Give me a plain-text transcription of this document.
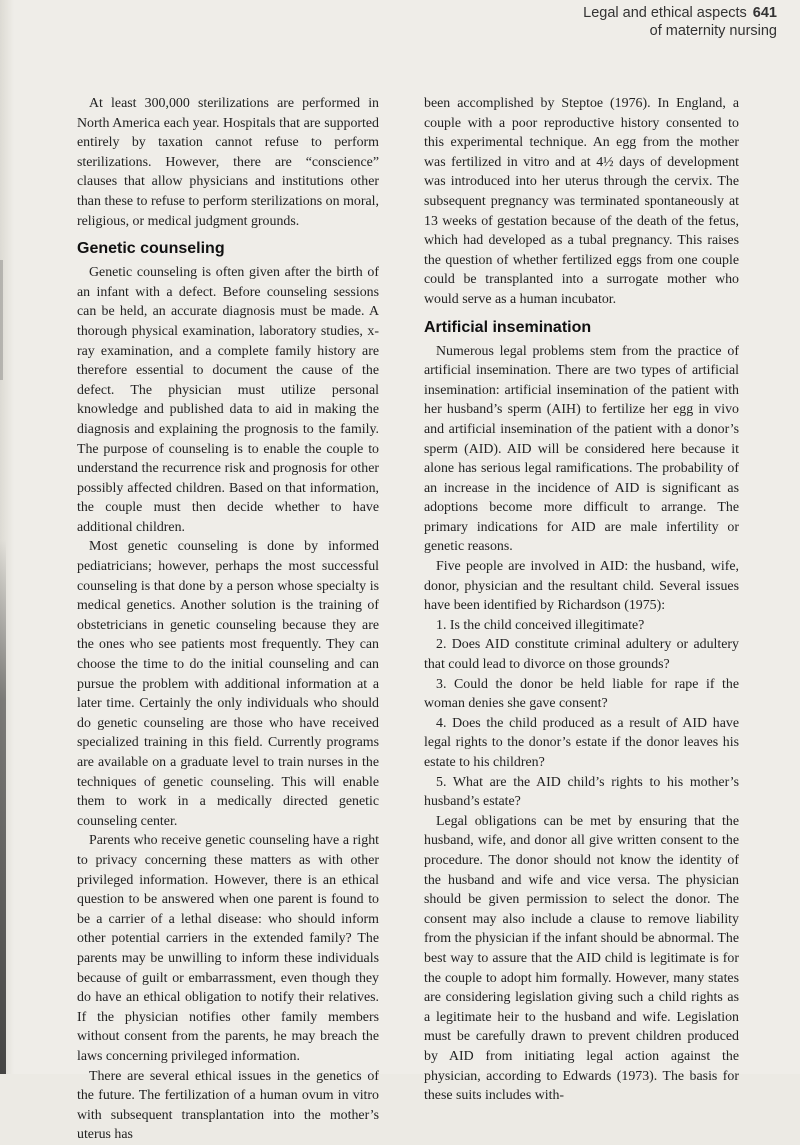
Legal and ethical aspects 641
of maternity nursing

At least 300,000 sterilizations are performed in North America each year. Hospitals that are supported entirely by taxation cannot refuse to perform sterilizations. However, there are “conscience” clauses that allow physicians and institutions other than these to refuse to perform sterilizations on moral, religious, or medical judgment grounds.

Genetic counseling

Genetic counseling is often given after the birth of an infant with a defect. Before counseling sessions can be held, an accurate diagnosis must be made. A thorough physical examination, laboratory studies, x-ray examination, and a complete family history are therefore essential to document the cause of the defect. The physician must utilize personal knowledge and published data to aid in making the diagnosis and explaining the prognosis to the family. The purpose of counseling is to enable the couple to understand the recurrence risk and prognosis for other possibly affected children. Based on that information, the couple must then decide whether to have additional children.

Most genetic counseling is done by informed pediatricians; however, perhaps the most successful counseling is that done by a person whose specialty is medical genetics. Another solution is the training of obstetricians in genetic counseling because they are the ones who see patients most frequently. They can choose the time to do the initial counseling and can pursue the problem with additional information at a later time. Certainly the only individuals who should do genetic counseling are those who have received specialized training in this field. Currently programs are available on a graduate level to train nurses in the techniques of genetic counseling. This will enable them to work in a medically directed genetic counseling center.

Parents who receive genetic counseling have a right to privacy concerning these matters as with other privileged information. However, there is an ethical question to be answered when one parent is found to be a carrier of a lethal disease: who should inform other potential carriers in the extended family? The parents may be unwilling to inform these individuals because of guilt or embarrassment, even though they do have an ethical obligation to notify their relatives. If the physician notifies other family members without consent from the parents, he may breach the laws concerning privileged information.

There are several ethical issues in the genetics of the future. The fertilization of a human ovum in vitro with subsequent transplantation into the mother’s uterus has

been accomplished by Steptoe (1976). In England, a couple with a poor reproductive history consented to this experimental technique. An egg from the mother was fertilized in vitro and at 4½ days of development was introduced into her uterus through the cervix. The subsequent pregnancy was terminated spontaneously at 13 weeks of gestation because of the death of the fetus, which had developed as a tubal pregnancy. This raises the question of whether fertilized eggs from one couple could be transplanted into a surrogate mother who would serve as a human incubator.

Artificial insemination

Numerous legal problems stem from the practice of artificial insemination. There are two types of artificial insemination: artificial insemination of the patient with her husband’s sperm (AIH) to fertilize her egg in vivo and artificial insemination of the patient with a donor’s sperm (AID). AID will be considered here because it alone has serious legal ramifications. The probability of an increase in the incidence of AID is significant as adoptions become more difficult to arrange. The primary indications for AID are male infertility or genetic reasons.

Five people are involved in AID: the husband, wife, donor, physician and the resultant child. Several issues have been identified by Richardson (1975):

1. Is the child conceived illegitimate?

2. Does AID constitute criminal adultery or adultery that could lead to divorce on those grounds?

3. Could the donor be held liable for rape if the woman denies she gave consent?

4. Does the child produced as a result of AID have legal rights to the donor’s estate if the donor leaves his estate to his children?

5. What are the AID child’s rights to his mother’s husband’s estate?

Legal obligations can be met by ensuring that the husband, wife, and donor all give written consent to the procedure. The donor should not know the identity of the husband and wife and vice versa. The physician should be given permission to select the donor. The consent may also include a clause to remove liability from the physician if the infant should be abnormal. The best way to assure that the AID child is legitimate is for the couple to adopt him formally. However, many states are considering legislation giving such a child rights as a legitimate heir to the husband and wife. Legislation must be carefully drawn to prevent children produced by AID from initiating legal action against the physician, according to Edwards (1973). The basis for these suits includes with-
